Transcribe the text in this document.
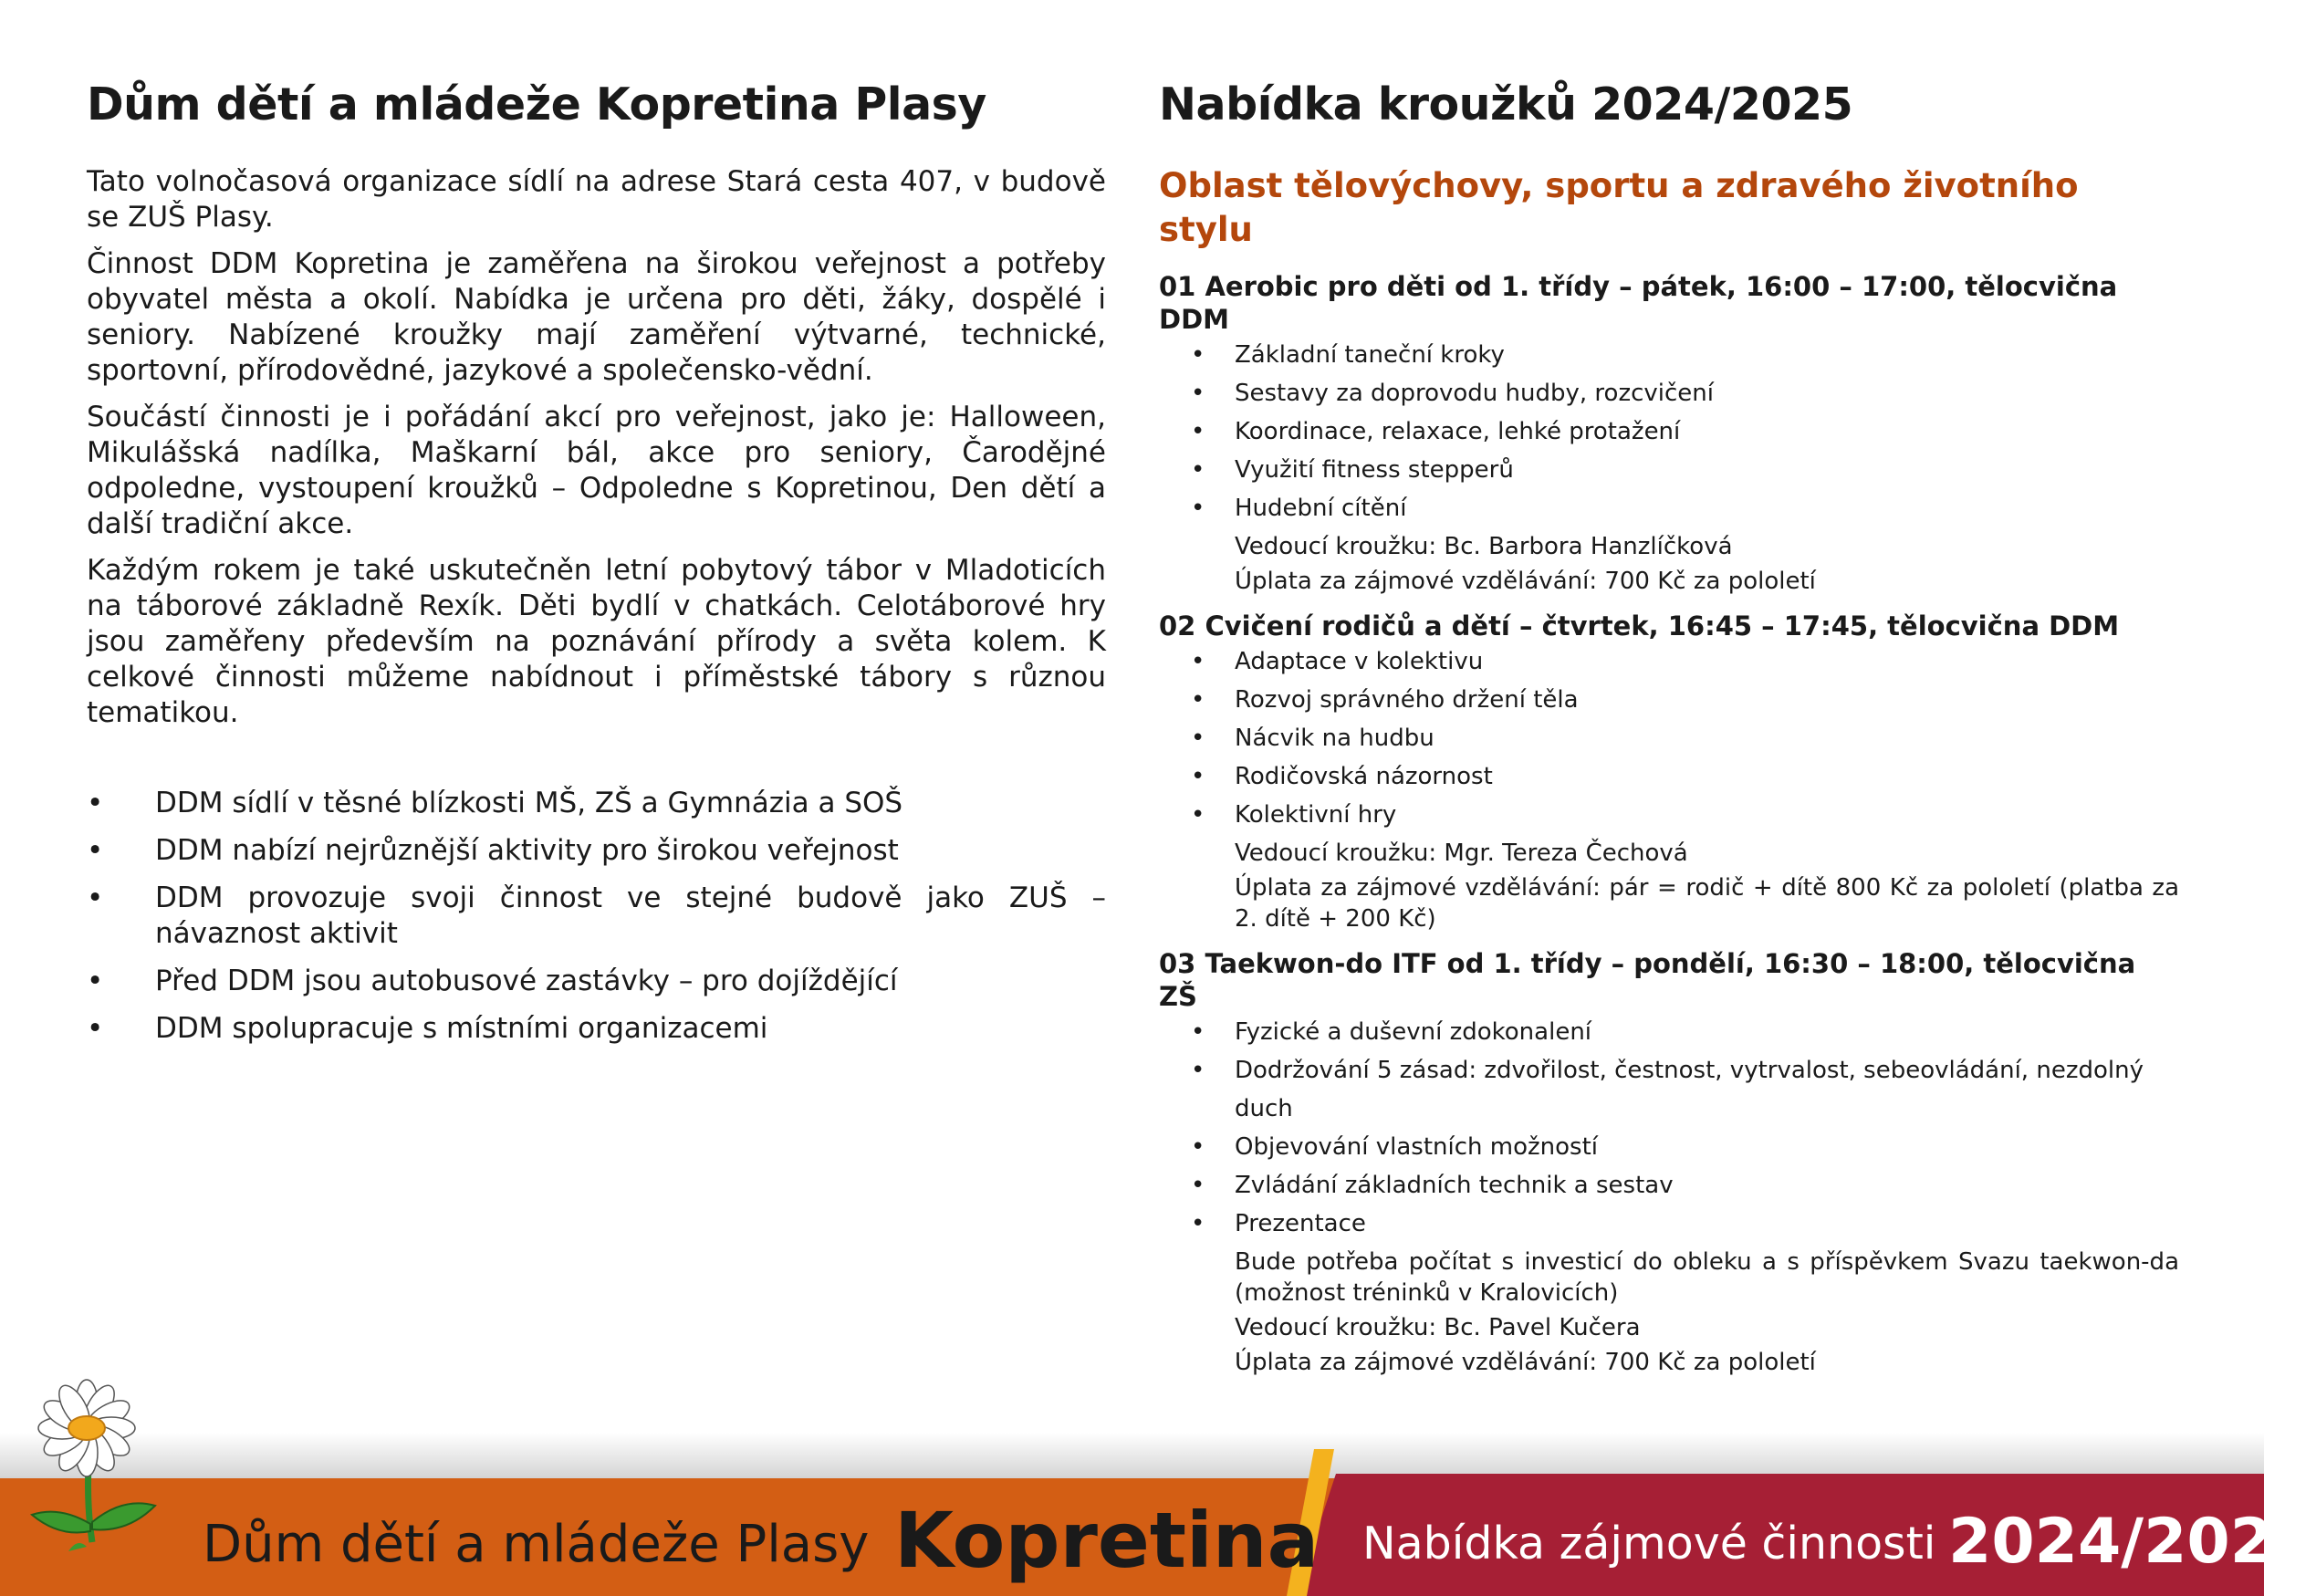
Dům dětí a mládeže Kopretina Plasy

Tato volnočasová organizace sídlí na adrese Stará cesta 407, v budově se ZUŠ Plasy.

Činnost DDM Kopretina je zaměřena na širokou veřejnost a potřeby obyvatel města a okolí. Nabídka je určena pro děti, žáky, dospělé i seniory. Nabízené kroužky mají zaměření výtvarné, technické, sportovní, přírodovědné, jazykové a společensko-vědní.

Součástí činnosti je i pořádání akcí pro veřejnost, jako je: Halloween, Mikulášská nadílka, Maškarní bál, akce pro seniory, Čarodějné odpoledne, vystoupení kroužků – Odpoledne s Kopretinou, Den dětí a další tradiční akce.

Každým rokem je také uskutečněn letní pobytový tábor v Mladoticích na táborové základně Rexík. Děti bydlí v chatkách. Celotáborové hry jsou zaměřeny především na poznávání přírody a světa kolem. K celkové činnosti můžeme nabídnout i příměstské tábory s různou tematikou.

• DDM sídlí v těsné blízkosti MŠ, ZŠ a Gymnázia a SOŠ
• DDM nabízí nejrůznější aktivity pro širokou veřejnost
• DDM provozuje svoji činnost ve stejné budově jako ZUŠ – návaznost aktivit
• Před DDM jsou autobusové zastávky – pro dojíždějící
• DDM spolupracuje s místními organizacemi
Nabídka kroužků 2024/2025
Oblast tělovýchovy, sportu a zdravého životního stylu
01 Aerobic pro děti od 1. třídy – pátek, 16:00 – 17:00, tělocvična DDM
• Základní taneční kroky
• Sestavy za doprovodu hudby, rozcvičení
• Koordinace, relaxace, lehké protažení
• Využití fitness stepperů
• Hudební cítění
Vedoucí kroužku: Bc. Barbora Hanzlíčková
Úplata za zájmové vzdělávání: 700 Kč za pololetí
02 Cvičení rodičů a dětí – čtvrtek, 16:45 – 17:45, tělocvična DDM
• Adaptace v kolektivu
• Rozvoj správného držení těla
• Nácvik na hudbu
• Rodičovská názornost
• Kolektivní hry
Vedoucí kroužku: Mgr. Tereza Čechová
Úplata za zájmové vzdělávání: pár = rodič + dítě 800 Kč za pololetí (platba za 2. dítě + 200 Kč)
03 Taekwon-do ITF od 1. třídy – pondělí, 16:30 – 18:00, tělocvična ZŠ
• Fyzické a duševní zdokonalení
• Dodržování 5 zásad: zdvořilost, čestnost, vytrvalost, sebeovládání, nezdolný duch
• Objevování vlastních možností
• Zvládání základních technik a sestav
• Prezentace
Bude potřeba počítat s investicí do obleku a s příspěvkem Svazu taekwon-da (možnost tréninků v Kralovicích)
Vedoucí kroužku: Bc. Pavel Kučera
Úplata za zájmové vzdělávání: 700 Kč za pololetí
Dům dětí a mládeže Plasy Kopretina Nabídka zájmové činnosti 2024/2025
